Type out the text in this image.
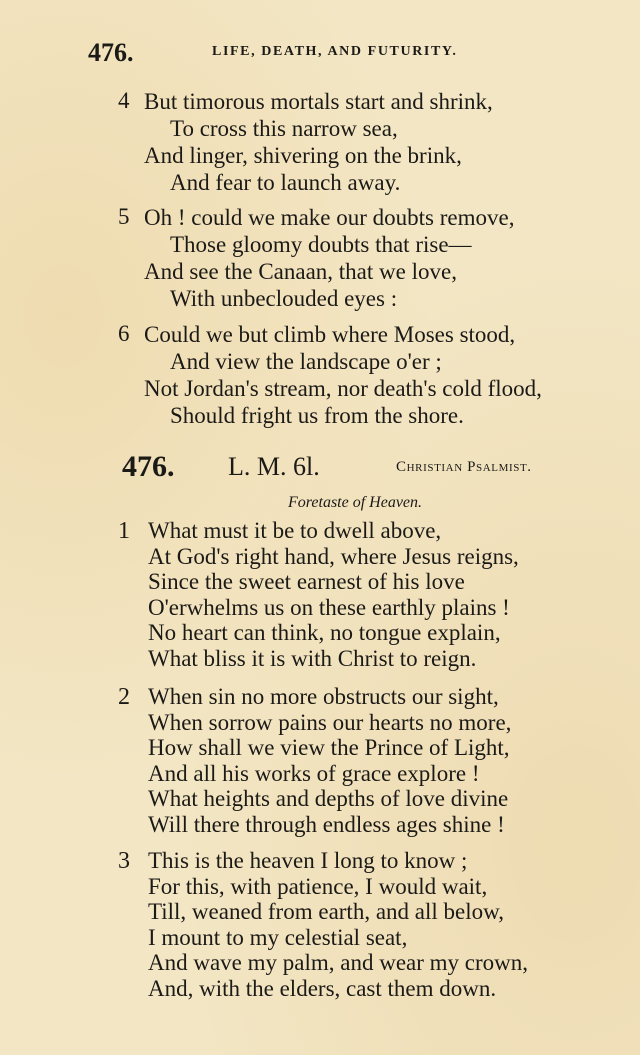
476.	LIFE, DEATH, AND FUTURITY.
4 But timorous mortals start and shrink,
To cross this narrow sea,
And linger, shivering on the brink,
And fear to launch away.
5 Oh ! could we make our doubts remove,
Those gloomy doubts that rise—
And see the Canaan, that we love,
With unbeclouded eyes :
6 Could we but climb where Moses stood,
And view the landscape o'er ;
Not Jordan's stream, nor death's cold flood,
Should fright us from the shore.
476. L. M. 6l.	Christian Psalmist.
Foretaste of Heaven.
1 What must it be to dwell above,
At God's right hand, where Jesus reigns,
Since the sweet earnest of his love
O'erwhelms us on these earthly plains !
No heart can think, no tongue explain,
What bliss it is with Christ to reign.
2 When sin no more obstructs our sight,
When sorrow pains our hearts no more,
How shall we view the Prince of Light,
And all his works of grace explore !
What heights and depths of love divine
Will there through endless ages shine !
3 This is the heaven I long to know ;
For this, with patience, I would wait,
Till, weaned from earth, and all below,
I mount to my celestial seat,
And wave my palm, and wear my crown,
And, with the elders, cast them down.
